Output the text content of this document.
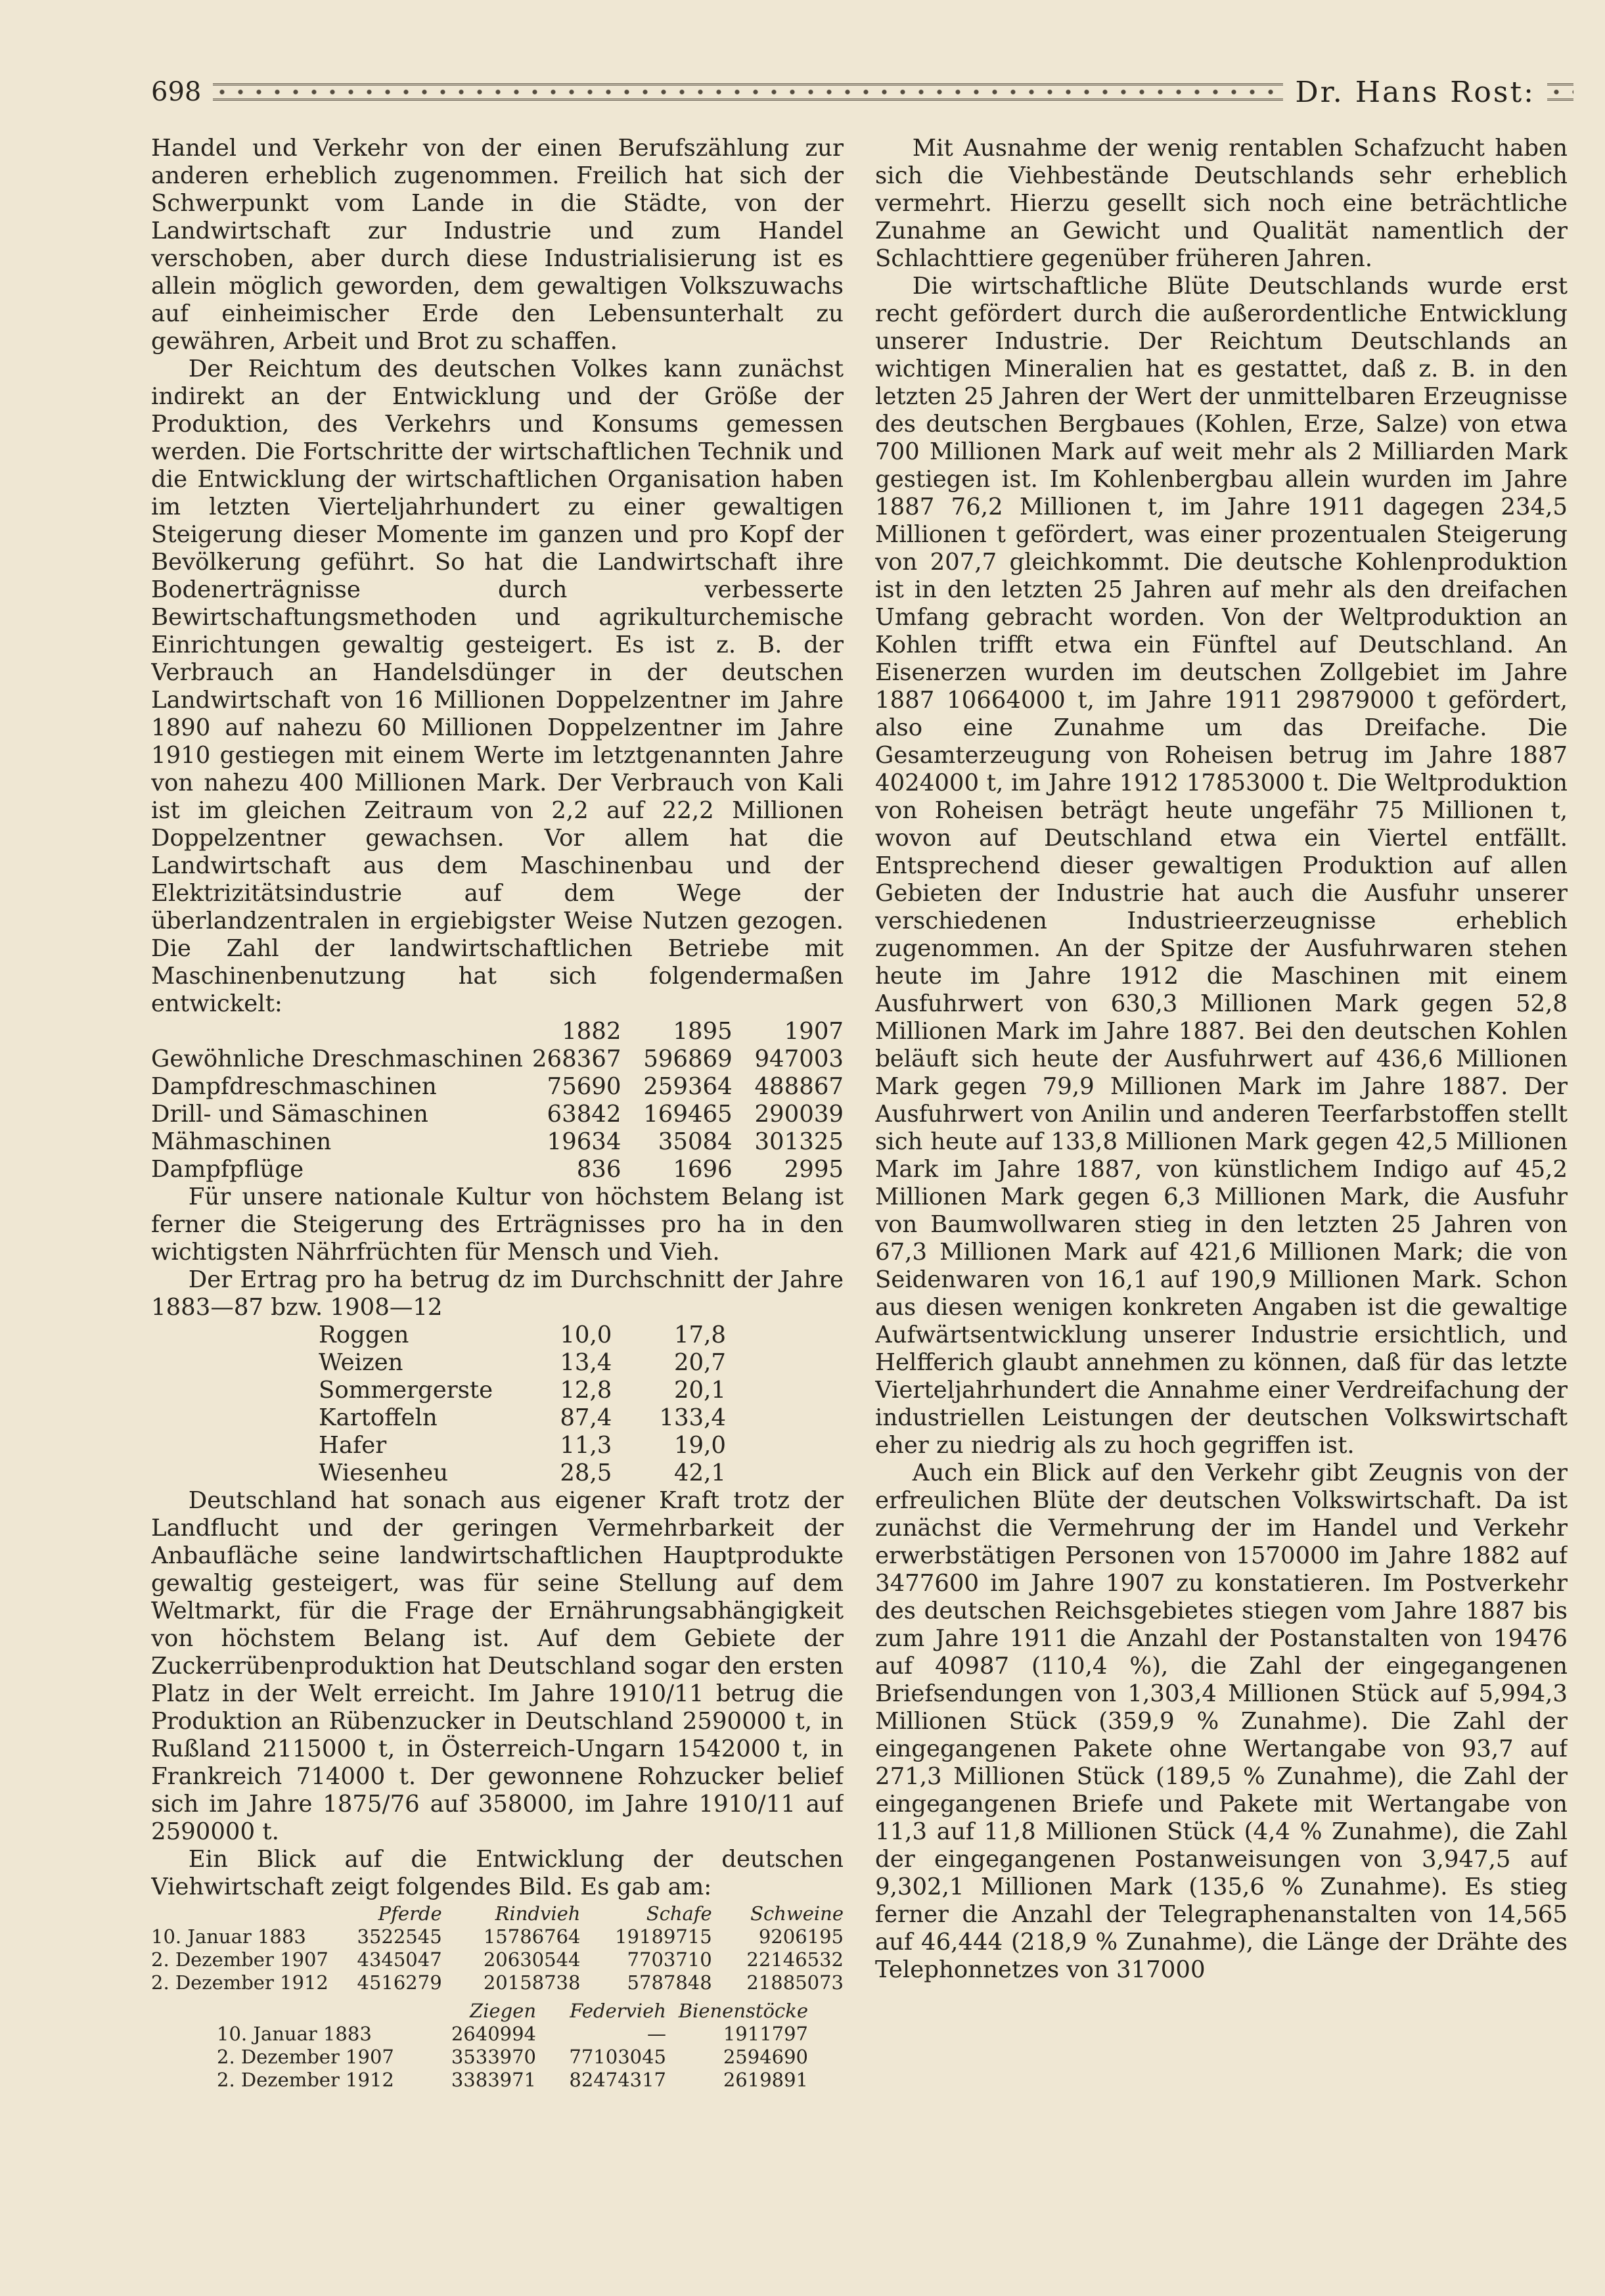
698	Dr. Hans Rost:

Handel und Verkehr von der einen Berufszählung zur anderen erheblich zugenommen. Freilich hat sich der Schwerpunkt vom Lande in die Städte, von der Landwirtschaft zur Industrie und zum Handel verschoben, aber durch diese Industrialisierung ist es allein möglich geworden, dem gewaltigen Volkszuwachs auf einheimischer Erde den Lebensunterhalt zu gewähren, Arbeit und Brot zu schaffen.

Der Reichtum des deutschen Volkes kann zunächst indirekt an der Entwicklung und der Größe der Produktion, des Verkehrs und Konsums gemessen werden. Die Fortschritte der wirtschaftlichen Technik und die Entwicklung der wirtschaftlichen Organisation haben im letzten Vierteljahrhundert zu einer gewaltigen Steigerung dieser Momente im ganzen und pro Kopf der Bevölkerung geführt. So hat die Landwirtschaft ihre Bodenerträgnisse durch verbesserte Bewirtschaftungsmethoden und agrikulturchemische Einrichtungen gewaltig gesteigert. Es ist z. B. der Verbrauch an Handelsdünger in der deutschen Landwirtschaft von 16 Millionen Doppelzentner im Jahre 1890 auf nahezu 60 Millionen Doppelzentner im Jahre 1910 gestiegen mit einem Werte im letztgenannten Jahre von nahezu 400 Millionen Mark. Der Verbrauch von Kali ist im gleichen Zeitraum von 2,2 auf 22,2 Millionen Doppelzentner gewachsen. Vor allem hat die Landwirtschaft aus dem Maschinenbau und der Elektrizitätsindustrie auf dem Wege der überlandzentralen in ergiebigster Weise Nutzen gezogen. Die Zahl der landwirtschaftlichen Betriebe mit Maschinenbenutzung hat sich folgendermaßen entwickelt:

	1882	1895	1907
Gewöhnliche Dreschmaschinen	268367	596869	947003
Dampfdreschmaschinen	75690	259364	488867
Drill- und Sämaschinen	63842	169465	290039
Mähmaschinen	19634	35084	301325
Dampfpflüge	836	1696	2995

Für unsere nationale Kultur von höchstem Belang ist ferner die Steigerung des Erträgnisses pro ha in den wichtigsten Nährfrüchten für Mensch und Vieh.

Der Ertrag pro ha betrug dz im Durchschnitt der Jahre 1883—87 bzw. 1908—12

Roggen	10,0	17,8
Weizen	13,4	20,7
Sommergerste	12,8	20,1
Kartoffeln	87,4	133,4
Hafer	11,3	19,0
Wiesenheu	28,5	42,1

Deutschland hat sonach aus eigener Kraft trotz der Landflucht und der geringen Vermehrbarkeit der Anbaufläche seine landwirtschaftlichen Hauptprodukte gewaltig gesteigert, was für seine Stellung auf dem Weltmarkt, für die Frage der Ernährungsabhängigkeit von höchstem Belang ist. Auf dem Gebiete der Zuckerrübenproduktion hat Deutschland sogar den ersten Platz in der Welt erreicht. Im Jahre 1910/11 betrug die Produktion an Rübenzucker in Deutschland 2590000 t, in Rußland 2115000 t, in Österreich-Ungarn 1542000 t, in Frankreich 714000 t. Der gewonnene Rohzucker belief sich im Jahre 1875/76 auf 358000, im Jahre 1910/11 auf 2590000 t.

Ein Blick auf die Entwicklung der deutschen Viehwirtschaft zeigt folgendes Bild. Es gab am:

	Pferde	Rindvieh	Schafe	Schweine
10. Januar 1883	3522545	15786764	19189715	9206195
2. Dezember 1907	4345047	20630544	7703710	22146532
2. Dezember 1912	4516279	20158738	5787848	21885073
	Ziegen	Federvieh	Bienenstöcke
10. Januar 1883	2640994	—	1911797
2. Dezember 1907	3533970	77103045	2594690
2. Dezember 1912	3383971	82474317	2619891

Mit Ausnahme der wenig rentablen Schafzucht haben sich die Viehbestände Deutschlands sehr erheblich vermehrt. Hierzu gesellt sich noch eine beträchtliche Zunahme an Gewicht und Qualität namentlich der Schlachttiere gegenüber früheren Jahren.

Die wirtschaftliche Blüte Deutschlands wurde erst recht gefördert durch die außerordentliche Entwicklung unserer Industrie. Der Reichtum Deutschlands an wichtigen Mineralien hat es gestattet, daß z. B. in den letzten 25 Jahren der Wert der unmittelbaren Erzeugnisse des deutschen Bergbaues (Kohlen, Erze, Salze) von etwa 700 Millionen Mark auf weit mehr als 2 Milliarden Mark gestiegen ist. Im Kohlenbergbau allein wurden im Jahre 1887 76,2 Millionen t, im Jahre 1911 dagegen 234,5 Millionen t gefördert, was einer prozentualen Steigerung von 207,7 gleichkommt. Die deutsche Kohlenproduktion ist in den letzten 25 Jahren auf mehr als den dreifachen Umfang gebracht worden. Von der Weltproduktion an Kohlen trifft etwa ein Fünftel auf Deutschland. An Eisenerzen wurden im deutschen Zollgebiet im Jahre 1887 10664000 t, im Jahre 1911 29879000 t gefördert, also eine Zunahme um das Dreifache. Die Gesamterzeugung von Roheisen betrug im Jahre 1887 4024000 t, im Jahre 1912 17853000 t. Die Weltproduktion von Roheisen beträgt heute ungefähr 75 Millionen t, wovon auf Deutschland etwa ein Viertel entfällt. Entsprechend dieser gewaltigen Produktion auf allen Gebieten der Industrie hat auch die Ausfuhr unserer verschiedenen Industrieerzeugnisse erheblich zugenommen. An der Spitze der Ausfuhrwaren stehen heute im Jahre 1912 die Maschinen mit einem Ausfuhrwert von 630,3 Millionen Mark gegen 52,8 Millionen Mark im Jahre 1887. Bei den deutschen Kohlen beläuft sich heute der Ausfuhrwert auf 436,6 Millionen Mark gegen 79,9 Millionen Mark im Jahre 1887. Der Ausfuhrwert von Anilin und anderen Teerfarbstoffen stellt sich heute auf 133,8 Millionen Mark gegen 42,5 Millionen Mark im Jahre 1887, von künstlichem Indigo auf 45,2 Millionen Mark gegen 6,3 Millionen Mark, die Ausfuhr von Baumwollwaren stieg in den letzten 25 Jahren von 67,3 Millionen Mark auf 421,6 Millionen Mark; die von Seidenwaren von 16,1 auf 190,9 Millionen Mark. Schon aus diesen wenigen konkreten Angaben ist die gewaltige Aufwärtsentwicklung unserer Industrie ersichtlich, und Helfferich glaubt annehmen zu können, daß für das letzte Vierteljahrhundert die Annahme einer Verdreifachung der industriellen Leistungen der deutschen Volkswirtschaft eher zu niedrig als zu hoch gegriffen ist.

Auch ein Blick auf den Verkehr gibt Zeugnis von der erfreulichen Blüte der deutschen Volkswirtschaft. Da ist zunächst die Vermehrung der im Handel und Verkehr erwerbstätigen Personen von 1570000 im Jahre 1882 auf 3477600 im Jahre 1907 zu konstatieren. Im Postverkehr des deutschen Reichsgebietes stiegen vom Jahre 1887 bis zum Jahre 1911 die Anzahl der Postanstalten von 19476 auf 40987 (110,4 %), die Zahl der eingegangenen Briefsendungen von 1,303,4 Millionen Stück auf 5,994,3 Millionen Stück (359,9 % Zunahme). Die Zahl der eingegangenen Pakete ohne Wertangabe von 93,7 auf 271,3 Millionen Stück (189,5 % Zunahme), die Zahl der eingegangenen Briefe und Pakete mit Wertangabe von 11,3 auf 11,8 Millionen Stück (4,4 % Zunahme), die Zahl der eingegangenen Postanweisungen von 3,947,5 auf 9,302,1 Millionen Mark (135,6 % Zunahme). Es stieg ferner die Anzahl der Telegraphenanstalten von 14,565 auf 46,444 (218,9 % Zunahme), die Länge der Drähte des Telephonnetzes von 317000
